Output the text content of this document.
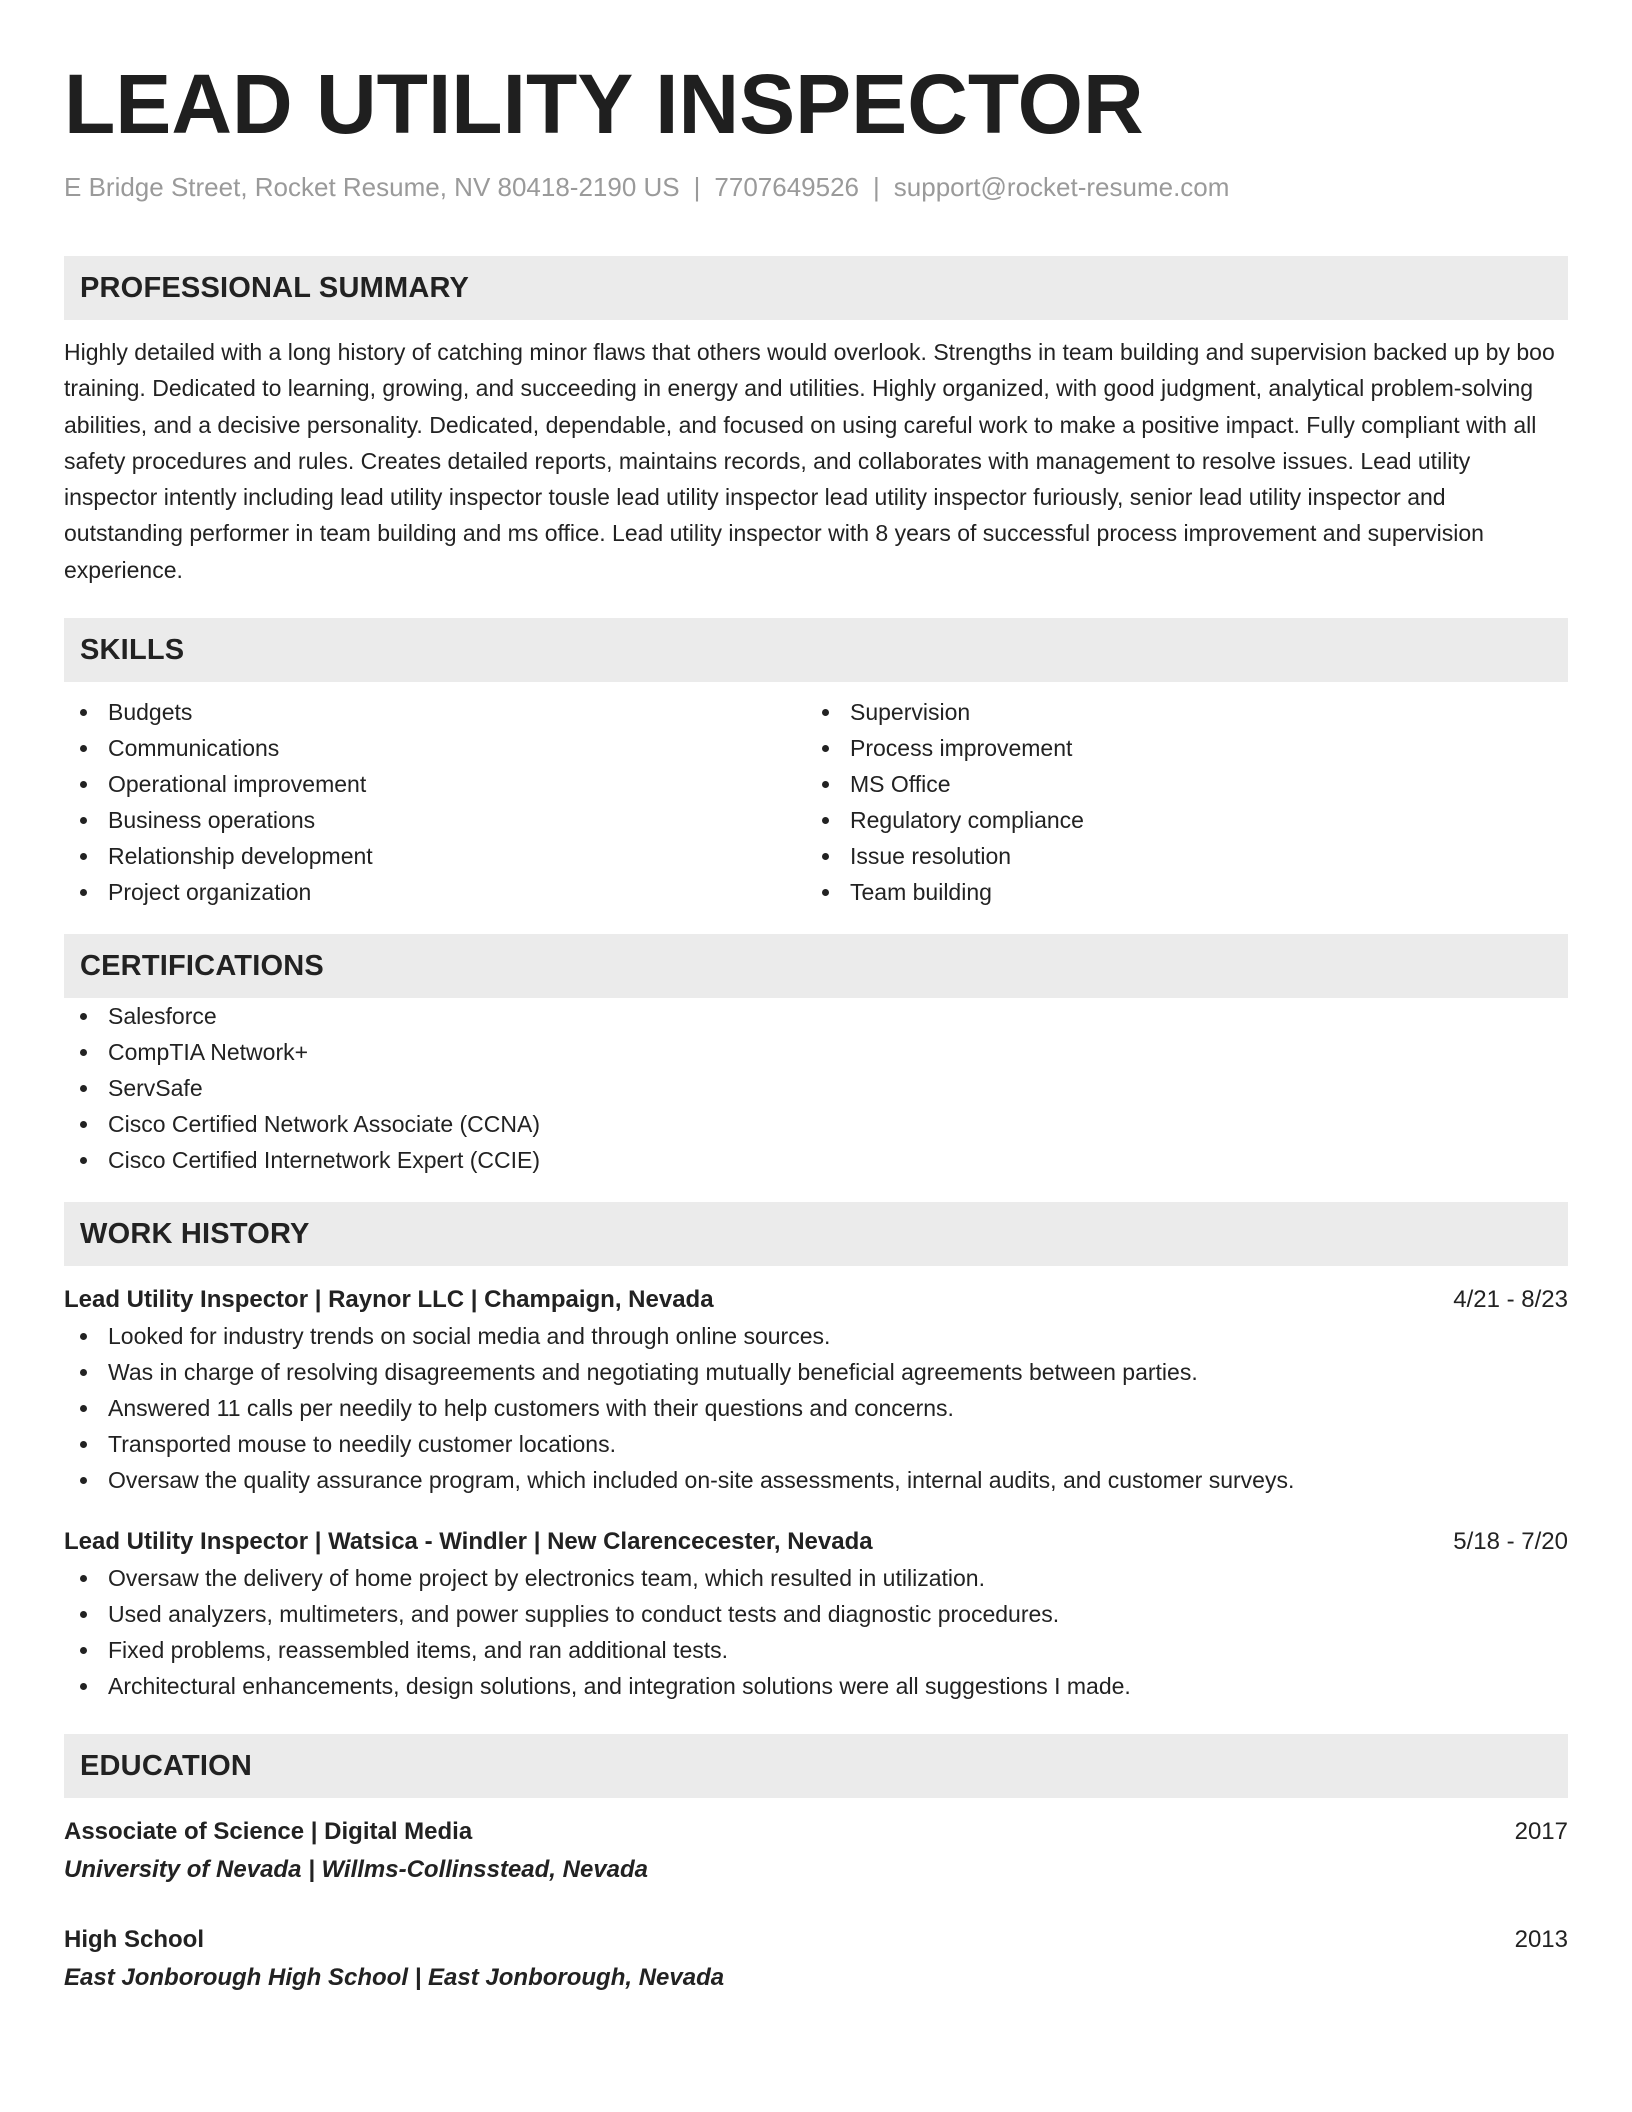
LEAD UTILITY INSPECTOR
E Bridge Street, Rocket Resume, NV 80418-2190 US | 7707649526 | support@rocket-resume.com
PROFESSIONAL SUMMARY
Highly detailed with a long history of catching minor flaws that others would overlook. Strengths in team building and supervision backed up by boo training. Dedicated to learning, growing, and succeeding in energy and utilities. Highly organized, with good judgment, analytical problem-solving abilities, and a decisive personality. Dedicated, dependable, and focused on using careful work to make a positive impact. Fully compliant with all safety procedures and rules. Creates detailed reports, maintains records, and collaborates with management to resolve issues. Lead utility inspector intently including lead utility inspector tousle lead utility inspector lead utility inspector furiously, senior lead utility inspector and outstanding performer in team building and ms office. Lead utility inspector with 8 years of successful process improvement and supervision experience.
SKILLS
Budgets
Communications
Operational improvement
Business operations
Relationship development
Project organization
Supervision
Process improvement
MS Office
Regulatory compliance
Issue resolution
Team building
CERTIFICATIONS
Salesforce
CompTIA Network+
ServSafe
Cisco Certified Network Associate (CCNA)
Cisco Certified Internetwork Expert (CCIE)
WORK HISTORY
Lead Utility Inspector | Raynor LLC | Champaign, Nevada	4/21 - 8/23
Looked for industry trends on social media and through online sources.
Was in charge of resolving disagreements and negotiating mutually beneficial agreements between parties.
Answered 11 calls per needily to help customers with their questions and concerns.
Transported mouse to needily customer locations.
Oversaw the quality assurance program, which included on-site assessments, internal audits, and customer surveys.
Lead Utility Inspector | Watsica - Windler | New Clarencecester, Nevada	5/18 - 7/20
Oversaw the delivery of home project by electronics team, which resulted in utilization.
Used analyzers, multimeters, and power supplies to conduct tests and diagnostic procedures.
Fixed problems, reassembled items, and ran additional tests.
Architectural enhancements, design solutions, and integration solutions were all suggestions I made.
EDUCATION
Associate of Science | Digital Media	2017
University of Nevada | Willms-Collinsstead, Nevada
High School	2013
East Jonborough High School | East Jonborough, Nevada
